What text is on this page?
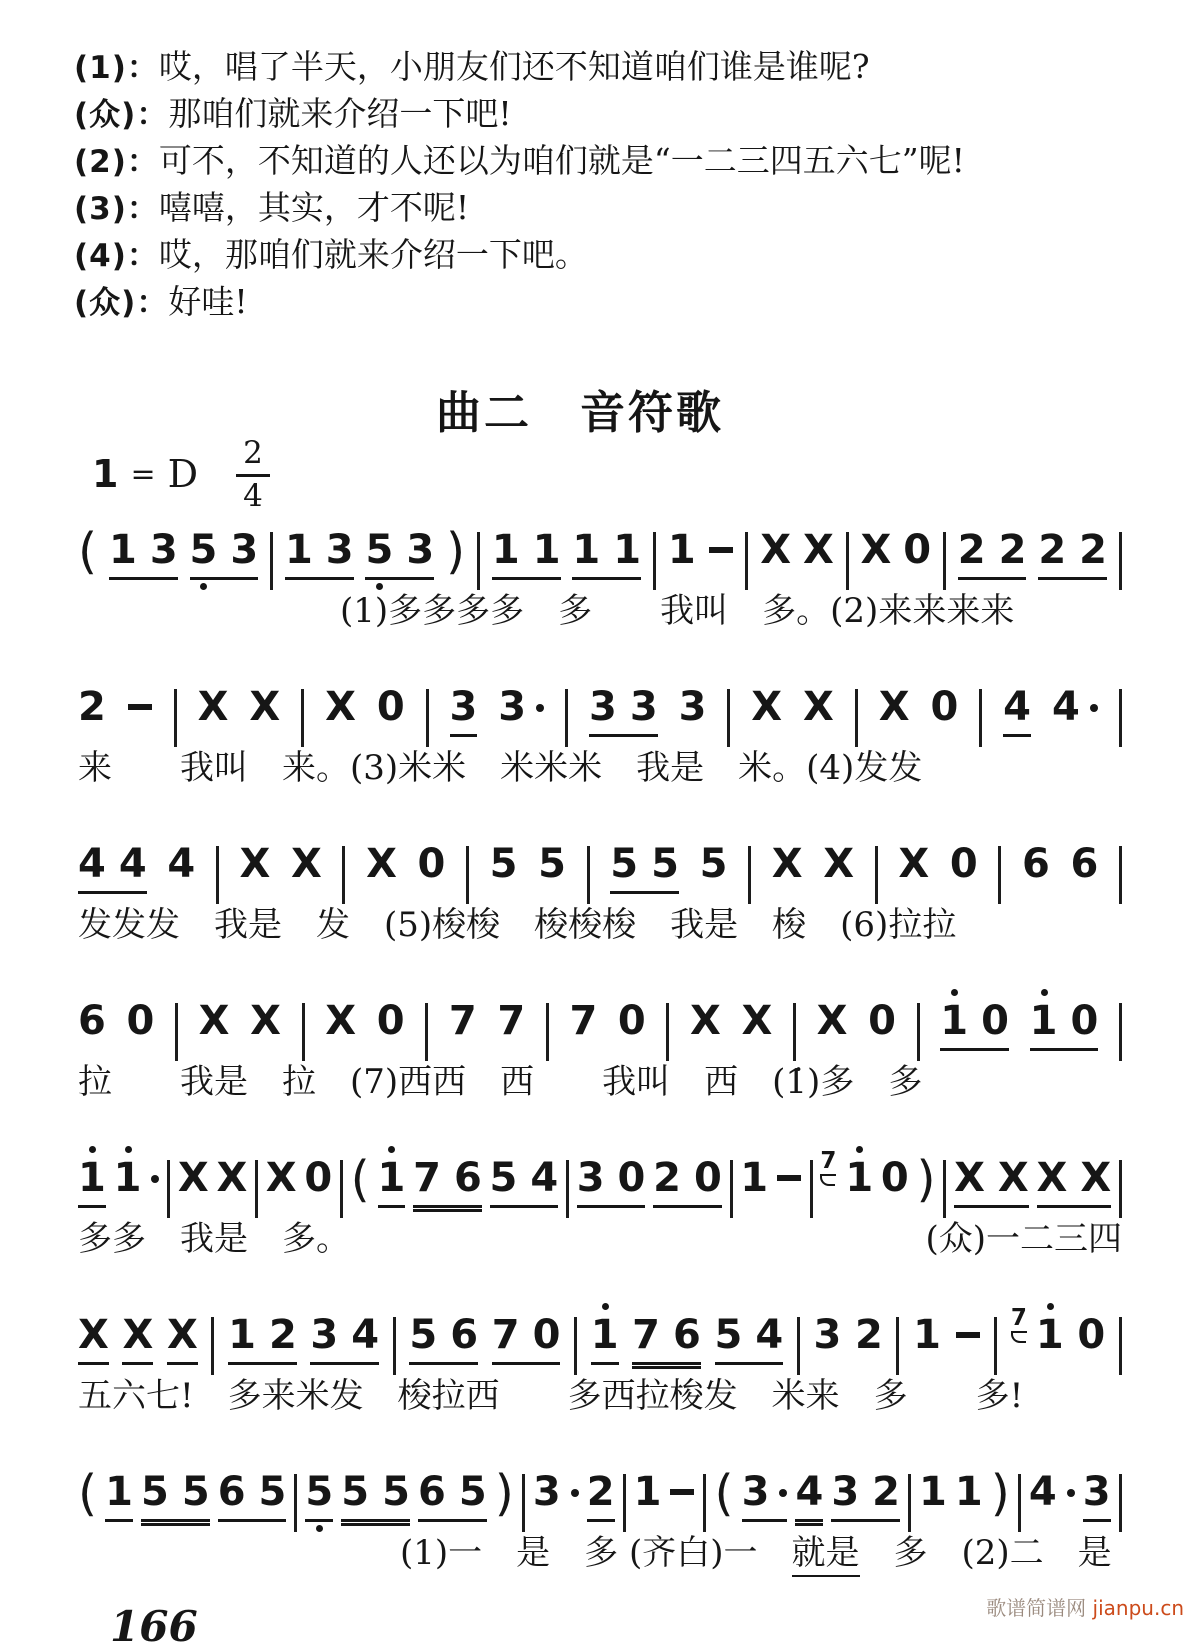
(1)：哎，唱了半天，小朋友们还不知道咱们谁是谁呢?
(众)：那咱们就来介绍一下吧!
(2)：可不，不知道的人还以为咱们就是“一二三四五六七”呢!
(3)：嘻嘻，其实，才不呢!
(4)：哎，那咱们就来介绍一下吧。
(众)：好哇!
曲二　音符歌
1 = D $\frac{2}{4}$
( 1 3 5 3 1 3 5 3 ) 1 1 1 1 1 X X X 0 2 2 2 2
(1)多多多多　多　　我叫　多。(2)来来来来
2 X X X 0 3 3 3 3 3 X X X 0 4 4
来　　我叫　来。(3)米米　米米米　我是　米。(4)发发
4 4 4 X X X 0 5 5 5 5 5 X X X 0 6 6
发发发　我是　发　(5)梭梭　梭梭梭　我是　梭　(6)拉拉
6 0 X X X 0 7 7 7 0 X X X 0 1 0 1 0
拉　　我是　拉　(7)西西　西　　我叫　西　(1̇)多　多
1 1 X X X 0 ( 1 7 6 5 4 3 0 2 0 1 7 1 0 ) X X X X
多多　我是　多。	(众)一二三四
X X X 1 2 3 4 5 6 7 0 1 7 6 5 4 3 2 1	7 1 0
五六七!　多来米发　梭拉西　　多西拉梭发　米来　多　　多!
( 1 5 5 6 5 5 5 5 6 5 ) 3 2 1 ( 3 4 3 2 1 1 ) 4 3
(1)一　是　多 (齐白)一　 就是 　多　(2)二　是
166	歌谱简谱网 jianpu.cn
